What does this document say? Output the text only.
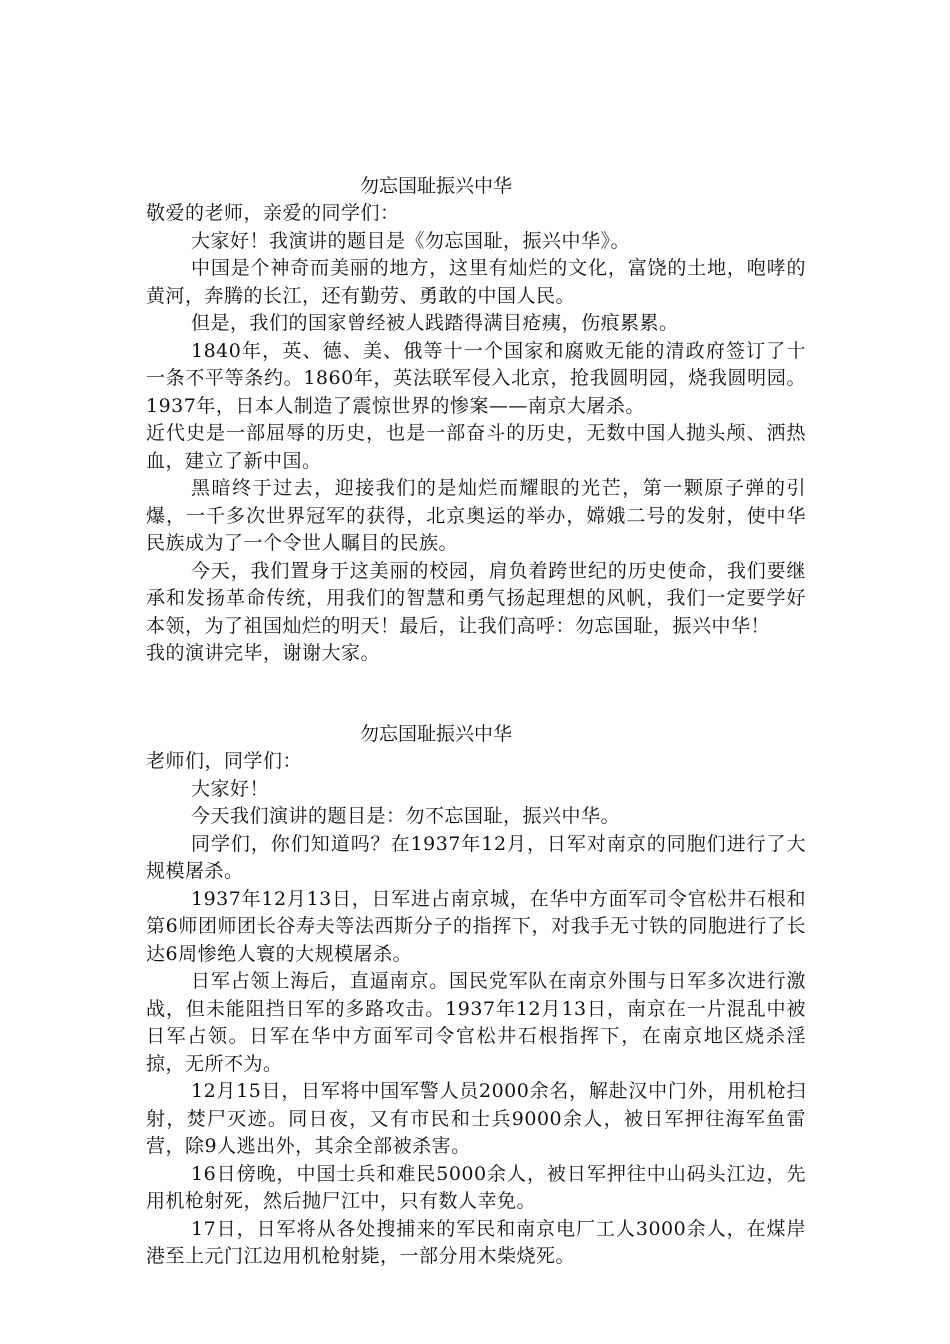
勿忘国耻振兴中华

敬爱的老师，亲爱的同学们：

大家好！我演讲的题目是《勿忘国耻，振兴中华》。

中国是个神奇而美丽的地方，这里有灿烂的文化，富饶的土地，咆哮的黄河，奔腾的长江，还有勤劳、勇敢的中国人民。

但是，我们的国家曾经被人践踏得满目疮痍，伤痕累累。

1840年，英、德、美、俄等十一个国家和腐败无能的清政府签订了十一条不平等条约。1860年，英法联军侵入北京，抢我圆明园，烧我圆明园。1937年，日本人制造了震惊世界的惨案——南京大屠杀。

近代史是一部屈辱的历史，也是一部奋斗的历史，无数中国人抛头颅、洒热血，建立了新中国。

黑暗终于过去，迎接我们的是灿烂而耀眼的光芒，第一颗原子弹的引爆，一千多次世界冠军的获得，北京奥运的举办，嫦娥二号的发射，使中华民族成为了一个令世人瞩目的民族。

今天，我们置身于这美丽的校园，肩负着跨世纪的历史使命，我们要继承和发扬革命传统，用我们的智慧和勇气扬起理想的风帆，我们一定要学好本领，为了祖国灿烂的明天！最后，让我们高呼：勿忘国耻，振兴中华！

我的演讲完毕，谢谢大家。

勿忘国耻振兴中华

老师们，同学们：

大家好！

今天我们演讲的题目是：勿不忘国耻，振兴中华。

同学们，你们知道吗？在1937年12月，日军对南京的同胞们进行了大规模屠杀。

1937年12月13日，日军进占南京城，在华中方面军司令官松井石根和第6师团师团长谷寿夫等法西斯分子的指挥下，对我手无寸铁的同胞进行了长达6周惨绝人寰的大规模屠杀。

日军占领上海后，直逼南京。国民党军队在南京外围与日军多次进行激战，但未能阻挡日军的多路攻击。1937年12月13日，南京在一片混乱中被日军占领。日军在华中方面军司令官松井石根指挥下，在南京地区烧杀淫掠，无所不为。

12月15日，日军将中国军警人员2000余名，解赴汉中门外，用机枪扫射，焚尸灭迹。同日夜，又有市民和士兵9000余人，被日军押往海军鱼雷营，除9人逃出外，其余全部被杀害。

16日傍晚，中国士兵和难民5000余人，被日军押往中山码头江边，先用机枪射死，然后抛尸江中，只有数人幸免。

17日，日军将从各处搜捕来的军民和南京电厂工人3000余人，在煤岸港至上元门江边用机枪射毙，一部分用木柴烧死。
